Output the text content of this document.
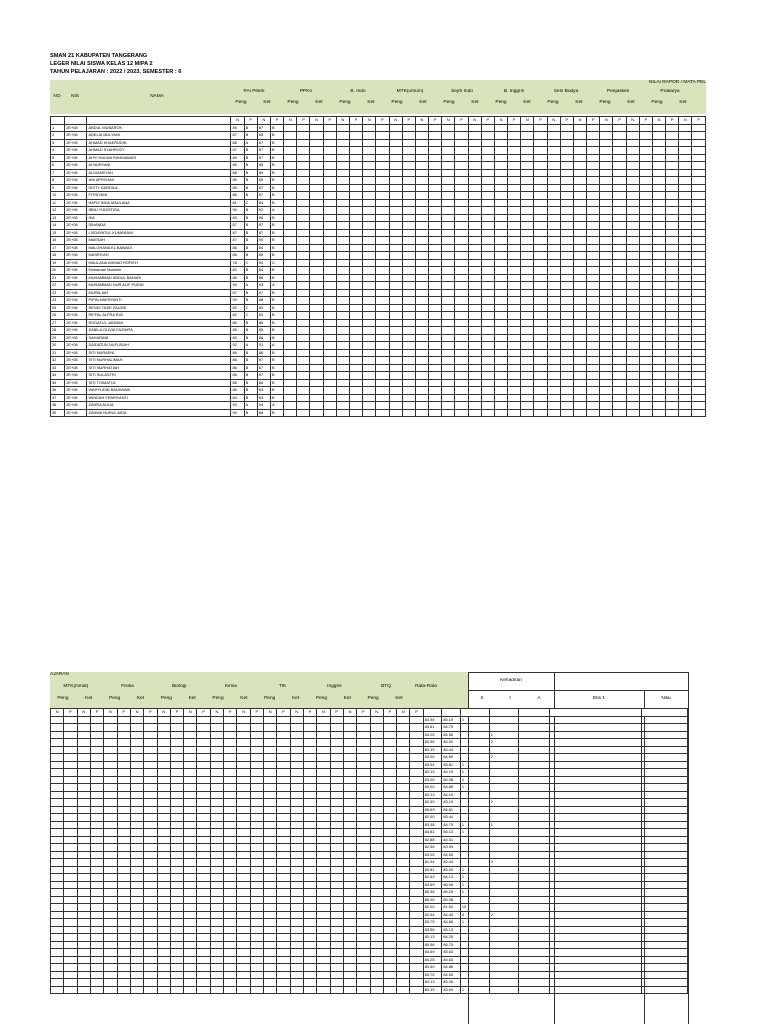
SMAN 21 KABUPATEN TANGERANG
LEGER NILAI SISWA KELAS 12 MIPA 2
TAHUN PELAJARAN : 2022 / 2023, SEMESTER : 6
NILAI RAPOR / MATA PEL
NO	NIS	NAMA
PAI Pekrti
Peng	Ket
PPKn
Peng	Ket
B. Indo
Peng	Ket
MTK(umum)
Peng	Ket
Sejrh Indo
Peng	Ket
B. Inggris
Peng	Ket
Seni Budya
Peng	Ket
Penjaskes
Peng	Ket
Prakarya
Peng	Ket
			N	P	N	P	N	P	N	P	N	P	N	P	N	P	N	P	N	P	N	P	N	P	N	P	N	P	N	P	N	P	N	P	N	P	N	P
1	2E+08	ABDUL MUBAROK	89	B	87	B																																
2	2E+08	ADELIA MULYANI	87	B	85	B																																
3	2E+08	AHMAD KHAERUDIN	88	A	87	B																																
4	2E+08	AHMAD SYAHROZY	87	B	87	B																																
5	2E+08	AHYI HULWA RAHMAWATI	89	B	87	B																																
6	2E+08	AI NURYANI	85	B	85	B																																
7	2E+08	ALDIANSYAH	88	B	89	B																																
8	2E+08	ANI APRIYANI	85	B	85	B																																
9	2E+08	DISTY KARDILA	85	B	87	B																																
10	2E+08	FITRIYANI	86	B	87	B																																
11	2E+08	HAFIZ INDA MAULANA	81	C	84	B																																
12	2E+08	IBNU YUDISTIRA	90	B	92	A																																
13	2E+08	IKA	83	B	86	B																																
14	2E+08	ISHANDA	87	B	87	B																																
15	2E+08	LISDAYATUL KUMARANI	87	B	87	B																																
16	2E+08	MAESAH	87	B	90	B																																
17	2E+08	MALGHANA EL BAWADI	86	B	84	B																																
18	2E+08	MASRIYAH	86	B	85	B																																
19	2E+08	MAULANA AHMAD ROFIEH	78	C	90	C																																
20	2E+08	Muhamad Nursihin	83	B	84	B																																
21	2E+08	MUHAMMAD ABDUL BAHARI	86	B	86	B																																
22	2E+08	MUHAMMAD NUR ALIF PUDIN	94	A	93	A																																
23	2E+08	MUPALIAH	87	B	87	B																																
24	2E+08	PIPIN HAERYANTI	90	B	88	B																																
25	2E+08	RENDI TAJIE FAUZIE	82	C	83	B																																
26	2E+08	RIFFAL ALFRA RIZI	82	C	83	B																																
27	2E+08	RODATUL JANNAH	86	B	86	B																																
28	2E+08	SABILA OLIVIA FAZHIRA	85	B	85	B																																
29	2E+08	SAHARANI	85	B	86	B																																
30	2E+08	SAIDATUN NUFUSIAH	92	A	91	A																																
31	2E+08	SITI NURAENI	86	B	88	B																																
32	2E+08	SITI NURHALIMAH	86	B	87	B																																
33	2E+08	SITI NURHATIAH	86	B	87	B																																
34	2E+08	SITI SULASTRI	86	B	87	B																																
35	2E+08	SITI TOIMATUL	86	B	86	B																																
36	2E+08	WAHYUDIN BAUHAWA	86	B	83	B																																
37	2E+08	WINDAH FEBRIYANTI	84	B	83	B																																
38	2E+08	ZAHRA AULIA	93	A	94	A																																
39	2E+08	ZAHWA NURUL AIDA	90	B	88	B																																
AJARAN
Kehadiran
Eks 1	Nilai
Rata-Rata
S	I	A
MTK(minat)
Peng	Ket
Fisika
Peng	Ket
Biologi
Peng	Ket
Kimia
Peng	Ket
TIK
Peng	Ket
Inggris
Peng	Ket
BTQ
Peng	Ket
N	P	N	P	N	P	N	P	N	P	N	P	N	P	N	P	N	P	N	P	N	P	N	P	N	P	N	P							
																												83.94	85.19	1				
																												83.81	84.75					
																												84.25	85.56		1			
																												83.56	84.50		2			
																												83.19	84.44					
																												83.00	84.69		2			
																												83.94	85.81	1				
																												83.19	84.19	1				
																												83.00	84.38	1				
																												83.00	84.88	1				
																												83.13	84.19					
																												82.50	83.19		2			
																												85.63	86.81					
																												82.00	83.44					
																												83.38	84.75	1	1			
																												84.81	86.13	1				
																												82.88	84.31					
																												82.56	83.94					
																												83.25	84.50					
																												81.94	82.44		3			
																												83.81	85.00	1				
																												82.63	84.13	1				
																												84.69	86.06	1				
																												85.38	86.25	1				
																												85.00	85.38					
																												82.00	81.94	10				
																												82.94	84.44	4	2			
																												83.75	84.88	1				
																												83.56	85.13					
																												83.13	84.25					
																												85.56	86.75					
																												84.69	85.63					
																												84.25	84.63					
																												83.50	84.88					
																												83.75	84.50					
																												84.13	85.06					
																												83.19	83.94	1				
